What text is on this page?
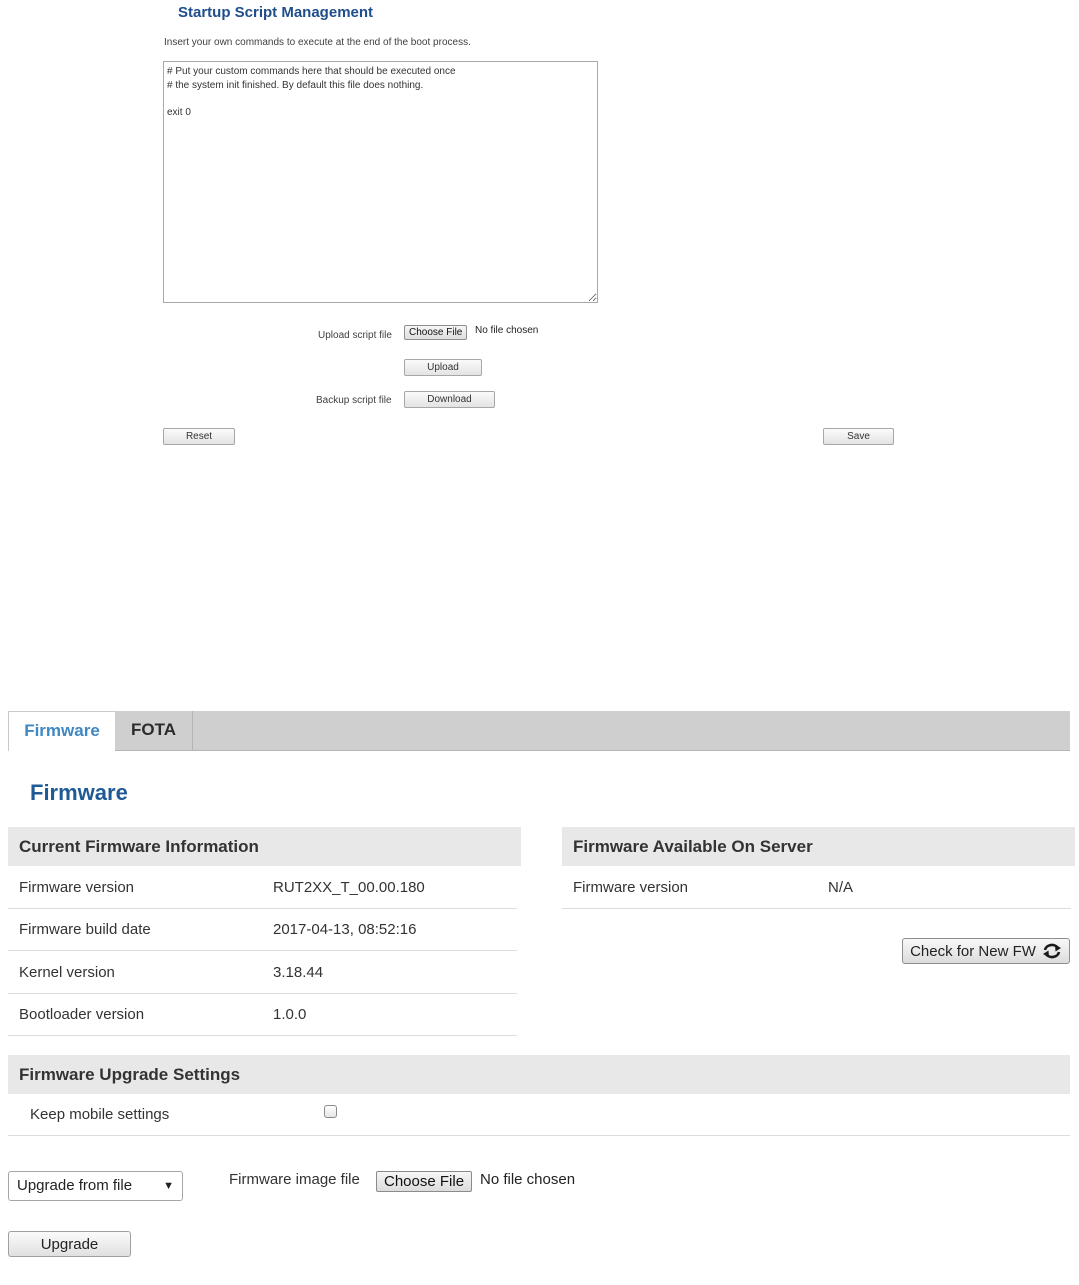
Startup Script Management
Insert your own commands to execute at the end of the boot process.
# Put your custom commands here that should be executed once # the system init finished. By default this file does nothing. exit 0
Upload script file	Choose File	No file chosen
Upload
Backup script file	Download
Reset	Save
Firmware	FOTA
Firmware
Current Firmware Information
Firmware version	RUT2XX_T_00.00.180
Firmware build date	2017-04-13, 08:52:16
Kernel version	3.18.44
Bootloader version	1.0.0
Firmware Available On Server
Firmware version	N/A
Check for New FW
Firmware Upgrade Settings
Keep mobile settings
Upgrade from file	▼	Firmware image file	Choose File	No file chosen
Upgrade
